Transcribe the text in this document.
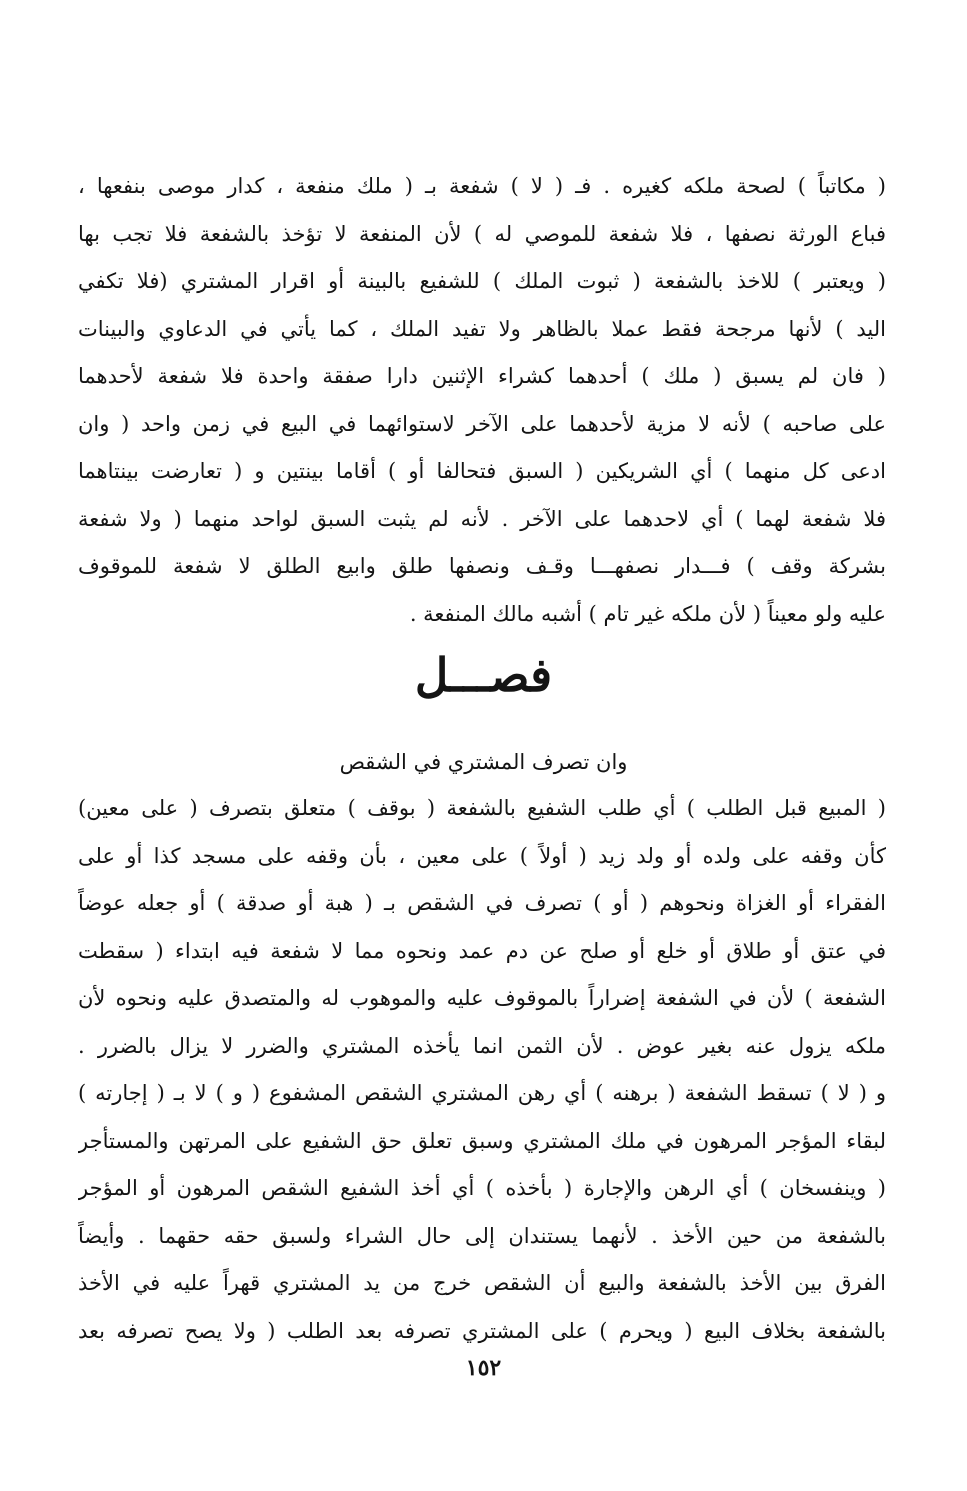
( مكاتباً ) لصحة ملكه كغيره . فـ ( لا ) شفعة بـ ( ملك منفعة ، كدار موصى بنفعها ،
فباع الورثة نصفها ، فلا شفعة للموصي له ) لأن المنفعة لا تؤخذ بالشفعة فلا تجب بها
( ويعتبر ) للاخذ بالشفعة ( ثبوت الملك ) للشفيع بالبينة أو اقرار المشتري (فلا تكفي
اليد ) لأنها مرجحة فقط عملا بالظاهر ولا تفيد الملك ، كما يأتي في الدعاوي والبينات
( فان لم يسبق ( ملك ) أحدهما كشراء الإثنين دارا صفقة واحدة فلا شفعة لأحدهما
على صاحبه ) لأنه لا مزية لأحدهما على الآخر لاستوائهما في البيع في زمن واحد ( وان
ادعى كل منهما ) أي الشريكين ( السبق فتحالفا أو ) أقاما بينتين و ( تعارضت بينتاهما
فلا شفعة لهما ) أي لاحدهما على الآخر . لأنه لم يثبت السبق لواحد منهما ( ولا شفعة
بشركة وقف ) فـــدار نصفهـــا وقـف ونصفها طلق وابيع الطلق لا شفعة للموقوف
عليه ولو معيناً ( لأن ملكه غير تام ) أشبه مالك المنفعة .
فصـــل
وان تصرف المشتري في الشقص
( المبيع قبل الطلب ) أي طلب الشفيع بالشفعة ( بوقف ) متعلق بتصرف ( على معين)
كأن وقفه على ولده أو ولد زيد ( أولاً ) على معين ، بأن وقفه على مسجد كذا أو على
الفقراء أو الغزاة ونحوهم ( أو ) تصرف في الشقص بـ ( هبة أو صدقة ) أو جعله عوضاً
في عتق أو طلاق أو خلع أو صلح عن دم عمد ونحوه مما لا شفعة فيه ابتداء ( سقطت
الشفعة ) لأن في الشفعة إضراراً بالموقوف عليه والموهوب له والمتصدق عليه ونحوه لأن
ملكه يزول عنه بغير عوض . لأن الثمن انما يأخذه المشتري والضرر لا يزال بالضرر .
و ( لا ) تسقط الشفعة ( برهنه ) أي رهن المشتري الشقص المشفوع ( و ) لا بـ ( إجارته )
لبقاء المؤجر المرهون في ملك المشتري وسبق تعلق حق الشفيع على المرتهن والمستأجر
( وينفسخان ) أي الرهن والإجارة ( بأخذه ) أي أخذ الشفيع الشقص المرهون أو المؤجر
بالشفعة من حين الأخذ . لأنهما يستندان إلى حال الشراء ولسبق حقه حقهما . وأيضاً
الفرق بين الأخذ بالشفعة والبيع أن الشقص خرج من يد المشتري قهراً عليه في الأخذ
بالشفعة بخلاف البيع ( ويحرم ) على المشتري تصرفه بعد الطلب ( ولا يصح تصرفه بعد
١٥٢
